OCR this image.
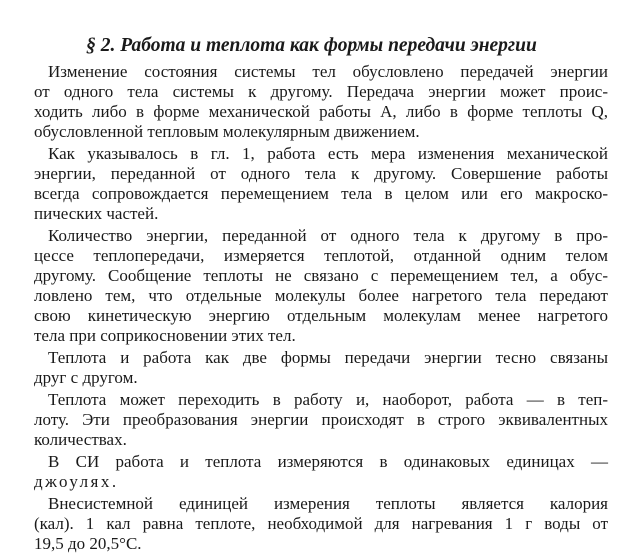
§ 2. Работа и теплота как формы передачи энергии

Изменение состояния системы тел обусловлено передачей энергии
от одного тела системы к другому. Передача энергии может проис-
ходить либо в форме механической работы A, либо в форме теплоты Q,
обусловленной тепловым молекулярным движением.

Как указывалось в гл. 1, работа есть мера изменения механической
энергии, переданной от одного тела к другому. Совершение работы
всегда сопровождается перемещением тела в целом или его макроско-
пических частей.

Количество энергии, переданной от одного тела к другому в про-
цессе теплопередачи, измеряется теплотой, отданной одним телом
другому. Сообщение теплоты не связано с перемещением тел, а обус-
ловлено тем, что отдельные молекулы более нагретого тела передают
свою кинетическую энергию отдельным молекулам менее нагретого
тела при соприкосновении этих тел.

Теплота и работа как две формы передачи энергии тесно связаны
друг с другом.

Теплота может переходить в работу и, наоборот, работа — в теп-
лоту. Эти преобразования энергии происходят в строго эквивалентных
количествах.

В СИ работа и теплота измеряются в одинаковых единицах —
джоулях.

Внесистемной единицей измерения теплоты является калория
(кал). 1 кал равна теплоте, необходимой для нагревания 1 г воды от
19,5 до 20,5°С.
